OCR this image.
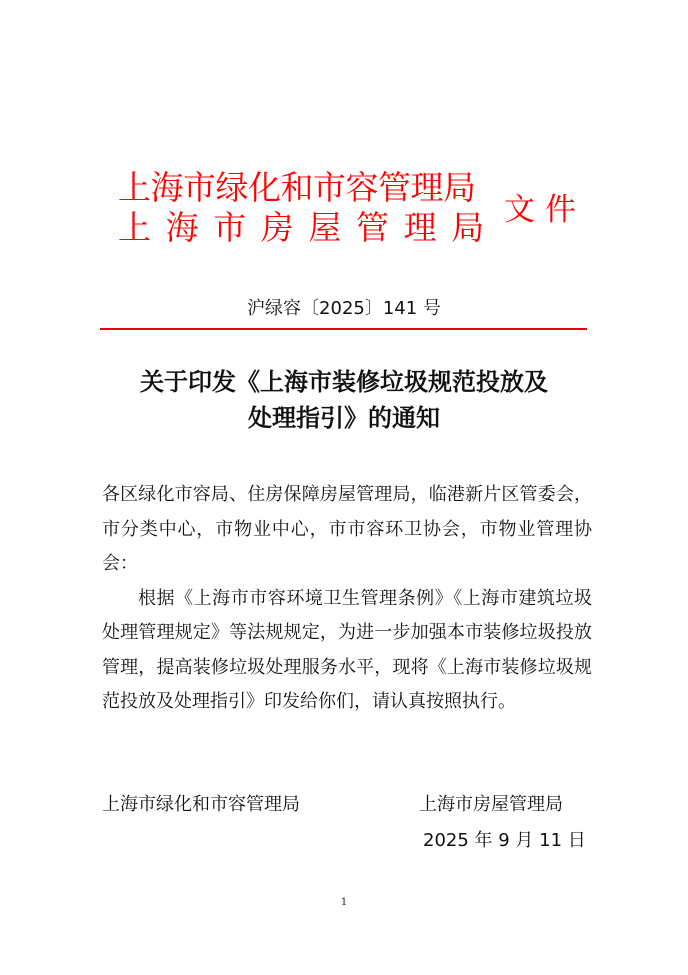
上海市绿化和市容管理局
上海市房屋管理局 文件
沪绿容〔2025〕141 号
关于印发《上海市装修垃圾规范投放及
处理指引》的通知

各区绿化市容局、住房保障房屋管理局，临港新片区管委会，市分类中心，市物业中心，市市容环卫协会，市物业管理协会：

根据《上海市市容环境卫生管理条例》《上海市建筑垃圾处理管理规定》等法规规定，为进一步加强本市装修垃圾投放管理，提高装修垃圾处理服务水平，现将《上海市装修垃圾规范投放及处理指引》印发给你们，请认真按照执行。

上海市绿化和市容管理局	上海市房屋管理局
2025 年 9 月 11 日
1
